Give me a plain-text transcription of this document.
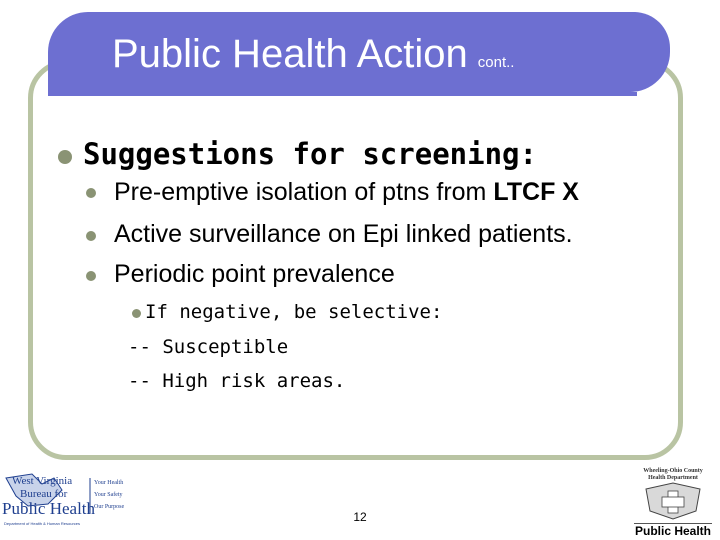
Public Health Action cont..

Suggestions for screening:

Pre-emptive isolation of ptns from LTCF X

Active surveillance on Epi linked patients.

Periodic point prevalence

If negative, be selective:

-- Susceptible

-- High risk areas.

West Virginia
Bureau for
Public Health
Your Health
Your Safety
Our Purpose
Department of Health & Human Resources
Wheeling-Ohio County
Health Department
Public Health
12
